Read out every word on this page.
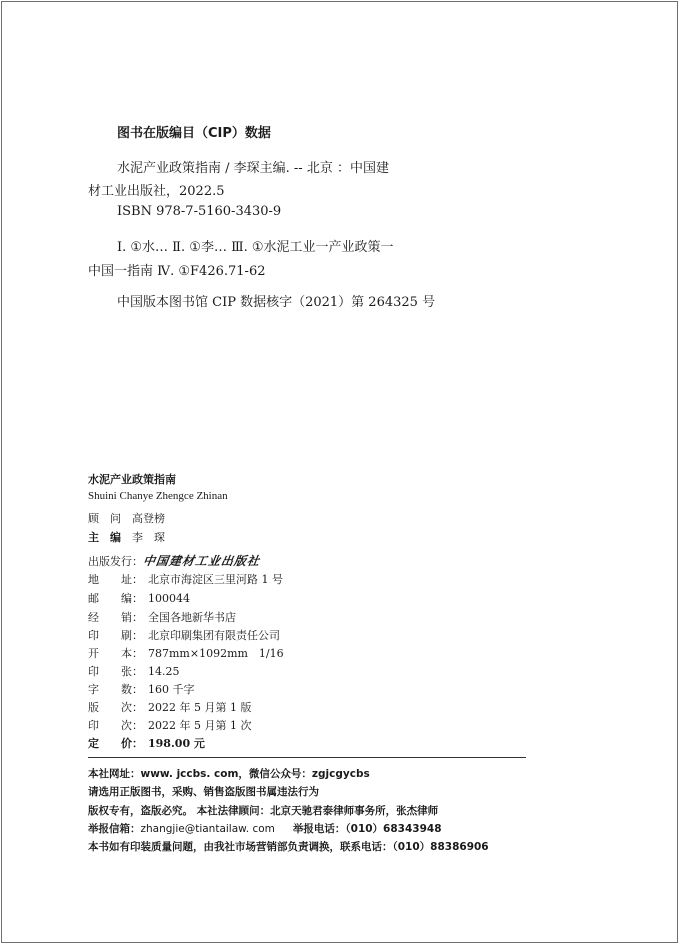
图书在版编目（CIP）数据
水泥产业政策指南 / 李琛主编. -- 北京 ：中国建
材工业出版社，2022.5
ISBN 978-7-5160-3430-9
Ⅰ. ①水… Ⅱ. ①李… Ⅲ. ①水泥工业一产业政策一
中国一指南 Ⅳ. ①F426.71-62
中国版本图书馆 CIP 数据核字（2021）第 264325 号
水泥产业政策指南
Shuini Chanye Zhengce Zhinan
顾　问 高登榜
主　编 李　琛
出版发行：中国建材工业出版社
地　　址： 北京市海淀区三里河路 1 号
邮　　编： 100044
经　　销： 全国各地新华书店
印　　刷： 北京印刷集团有限责任公司
开　　本： 787mm×1092mm　1/16
印　　张： 14.25
字　　数： 160 千字
版　　次： 2022 年 5 月第 1 版
印　　次： 2022 年 5 月第 1 次
定　　价： 198.00 元
本社网址：www. jccbs. com，微信公众号：zgjcgycbs
请选用正版图书，采购、销售盗版图书属违法行为
版权专有，盗版必究。 本社法律顾问：北京天驰君泰律师事务所，张杰律师
举报信箱：zhangjie@tiantailaw. com 举报电话：（010）68343948
本书如有印装质量问题，由我社市场营销部负责调换，联系电话：（010）88386906
